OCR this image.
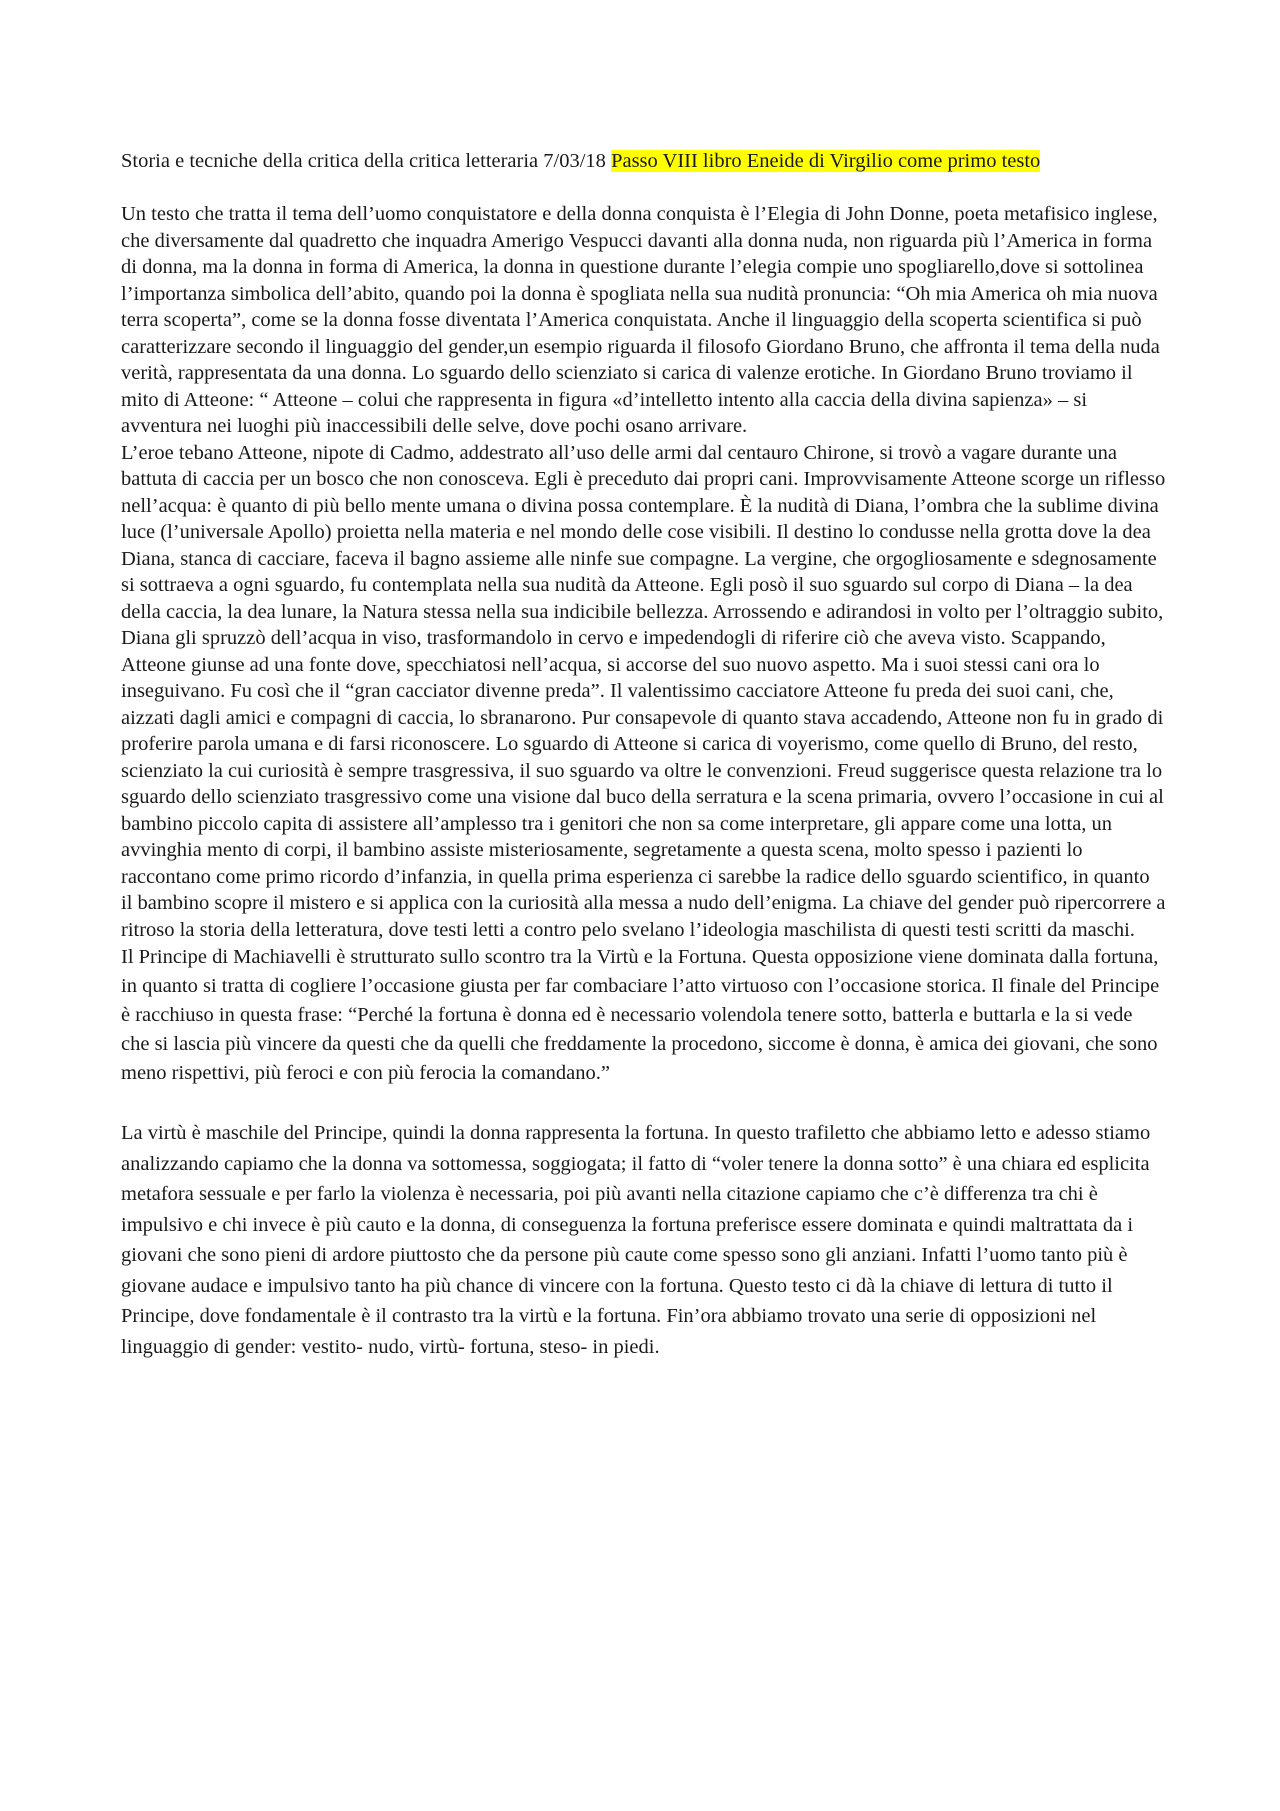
Storia e tecniche della critica della critica letteraria 7/03/18 Passo VIII libro Eneide di Virgilio come primo testo

Un testo che tratta il tema dell’uomo conquistatore e della donna conquista è l’Elegia di John Donne, poeta metafisico inglese, che diversamente dal quadretto che inquadra Amerigo Vespucci davanti alla donna nuda, non riguarda più l’America in forma di donna, ma la donna in forma di America, la donna in questione durante l’elegia compie uno spogliarello,dove si sottolinea l’importanza simbolica dell’abito, quando poi la donna è spogliata nella sua nudità pronuncia: “Oh mia America oh mia nuova terra scoperta”, come se la donna fosse diventata l’America conquistata. Anche il linguaggio della scoperta scientifica si può caratterizzare secondo il linguaggio del gender,un esempio riguarda il filosofo Giordano Bruno, che affronta il tema della nuda verità, rappresentata da una donna. Lo sguardo dello scienziato si carica di valenze erotiche. In Giordano Bruno troviamo il mito di Atteone: “ Atteone – colui che rappresenta in figura «d’intelletto intento alla caccia della divina sapienza» – si avventura nei luoghi più inaccessibili delle selve, dove pochi osano arrivare.

L’eroe tebano Atteone, nipote di Cadmo, addestrato all’uso delle armi dal centauro Chirone, si trovò a vagare durante una battuta di caccia per un bosco che non conosceva. Egli è preceduto dai propri cani. Improvvisamente Atteone scorge un riflesso nell’acqua: è quanto di più bello mente umana o divina possa contemplare. È la nudità di Diana, l’ombra che la sublime divina luce (l’universale Apollo) proietta nella materia e nel mondo delle cose visibili. Il destino lo condusse nella grotta dove la dea Diana, stanca di cacciare, faceva il bagno assieme alle ninfe sue compagne. La vergine, che orgogliosamente e sdegnosamente si sottraeva a ogni sguardo, fu contemplata nella sua nudità da Atteone. Egli posò il suo sguardo sul corpo di Diana – la dea della caccia, la dea lunare, la Natura stessa nella sua indicibile bellezza. Arrossendo e adirandosi in volto per l’oltraggio subito, Diana gli spruzzò dell’acqua in viso, trasformandolo in cervo e impedendogli di riferire ciò che aveva visto. Scappando, Atteone giunse ad una fonte dove, specchiatosi nell’acqua, si accorse del suo nuovo aspetto. Ma i suoi stessi cani ora lo inseguivano. Fu così che il “gran cacciator divenne preda”. Il valentissimo cacciatore Atteone fu preda dei suoi cani, che, aizzati dagli amici e compagni di caccia, lo sbranarono. Pur consapevole di quanto stava accadendo, Atteone non fu in grado di proferire parola umana e di farsi riconoscere. Lo sguardo di Atteone si carica di voyerismo, come quello di Bruno, del resto, scienziato la cui curiosità è sempre trasgressiva, il suo sguardo va oltre le convenzioni. Freud suggerisce questa relazione tra lo sguardo dello scienziato trasgressivo come una visione dal buco della serratura e la scena primaria, ovvero l’occasione in cui al bambino piccolo capita di assistere all’amplesso tra i genitori che non sa come interpretare, gli appare come una lotta, un avvinghia mento di corpi, il bambino assiste misteriosamente, segretamente a questa scena, molto spesso i pazienti lo raccontano come primo ricordo d’infanzia, in quella prima esperienza ci sarebbe la radice dello sguardo scientifico, in quanto il bambino scopre il mistero e si applica con la curiosità alla messa a nudo dell’enigma. La chiave del gender può ripercorrere a ritroso la storia della letteratura, dove testi letti a contro pelo svelano l’ideologia maschilista di questi testi scritti da maschi.

Il Principe di Machiavelli è strutturato sullo scontro tra la Virtù e la Fortuna. Questa opposizione viene dominata dalla fortuna, in quanto si tratta di cogliere l’occasione giusta per far combaciare l’atto virtuoso con l’occasione storica. Il finale del Principe è racchiuso in questa frase: “Perché la fortuna è donna ed è necessario volendola tenere sotto, batterla e buttarla e la si vede che si lascia più vincere da questi che da quelli che freddamente la procedono, siccome è donna, è amica dei giovani, che sono meno rispettivi, più feroci e con più ferocia la comandano.”

La virtù è maschile del Principe, quindi la donna rappresenta la fortuna. In questo trafiletto che abbiamo letto e adesso stiamo analizzando capiamo che la donna va sottomessa, soggiogata; il fatto di “voler tenere la donna sotto” è una chiara ed esplicita metafora sessuale e per farlo la violenza è necessaria, poi più avanti nella citazione capiamo che c’è differenza tra chi è impulsivo e chi invece è più cauto e la donna, di conseguenza la fortuna preferisce essere dominata e quindi maltrattata da i giovani che sono pieni di ardore piuttosto che da persone più caute come spesso sono gli anziani. Infatti l’uomo tanto più è giovane audace e impulsivo tanto ha più chance di vincere con la fortuna. Questo testo ci dà la chiave di lettura di tutto il Principe, dove fondamentale è il contrasto tra la virtù e la fortuna. Fin’ora abbiamo trovato una serie di opposizioni nel linguaggio di gender: vestito- nudo, virtù- fortuna, steso- in piedi.
